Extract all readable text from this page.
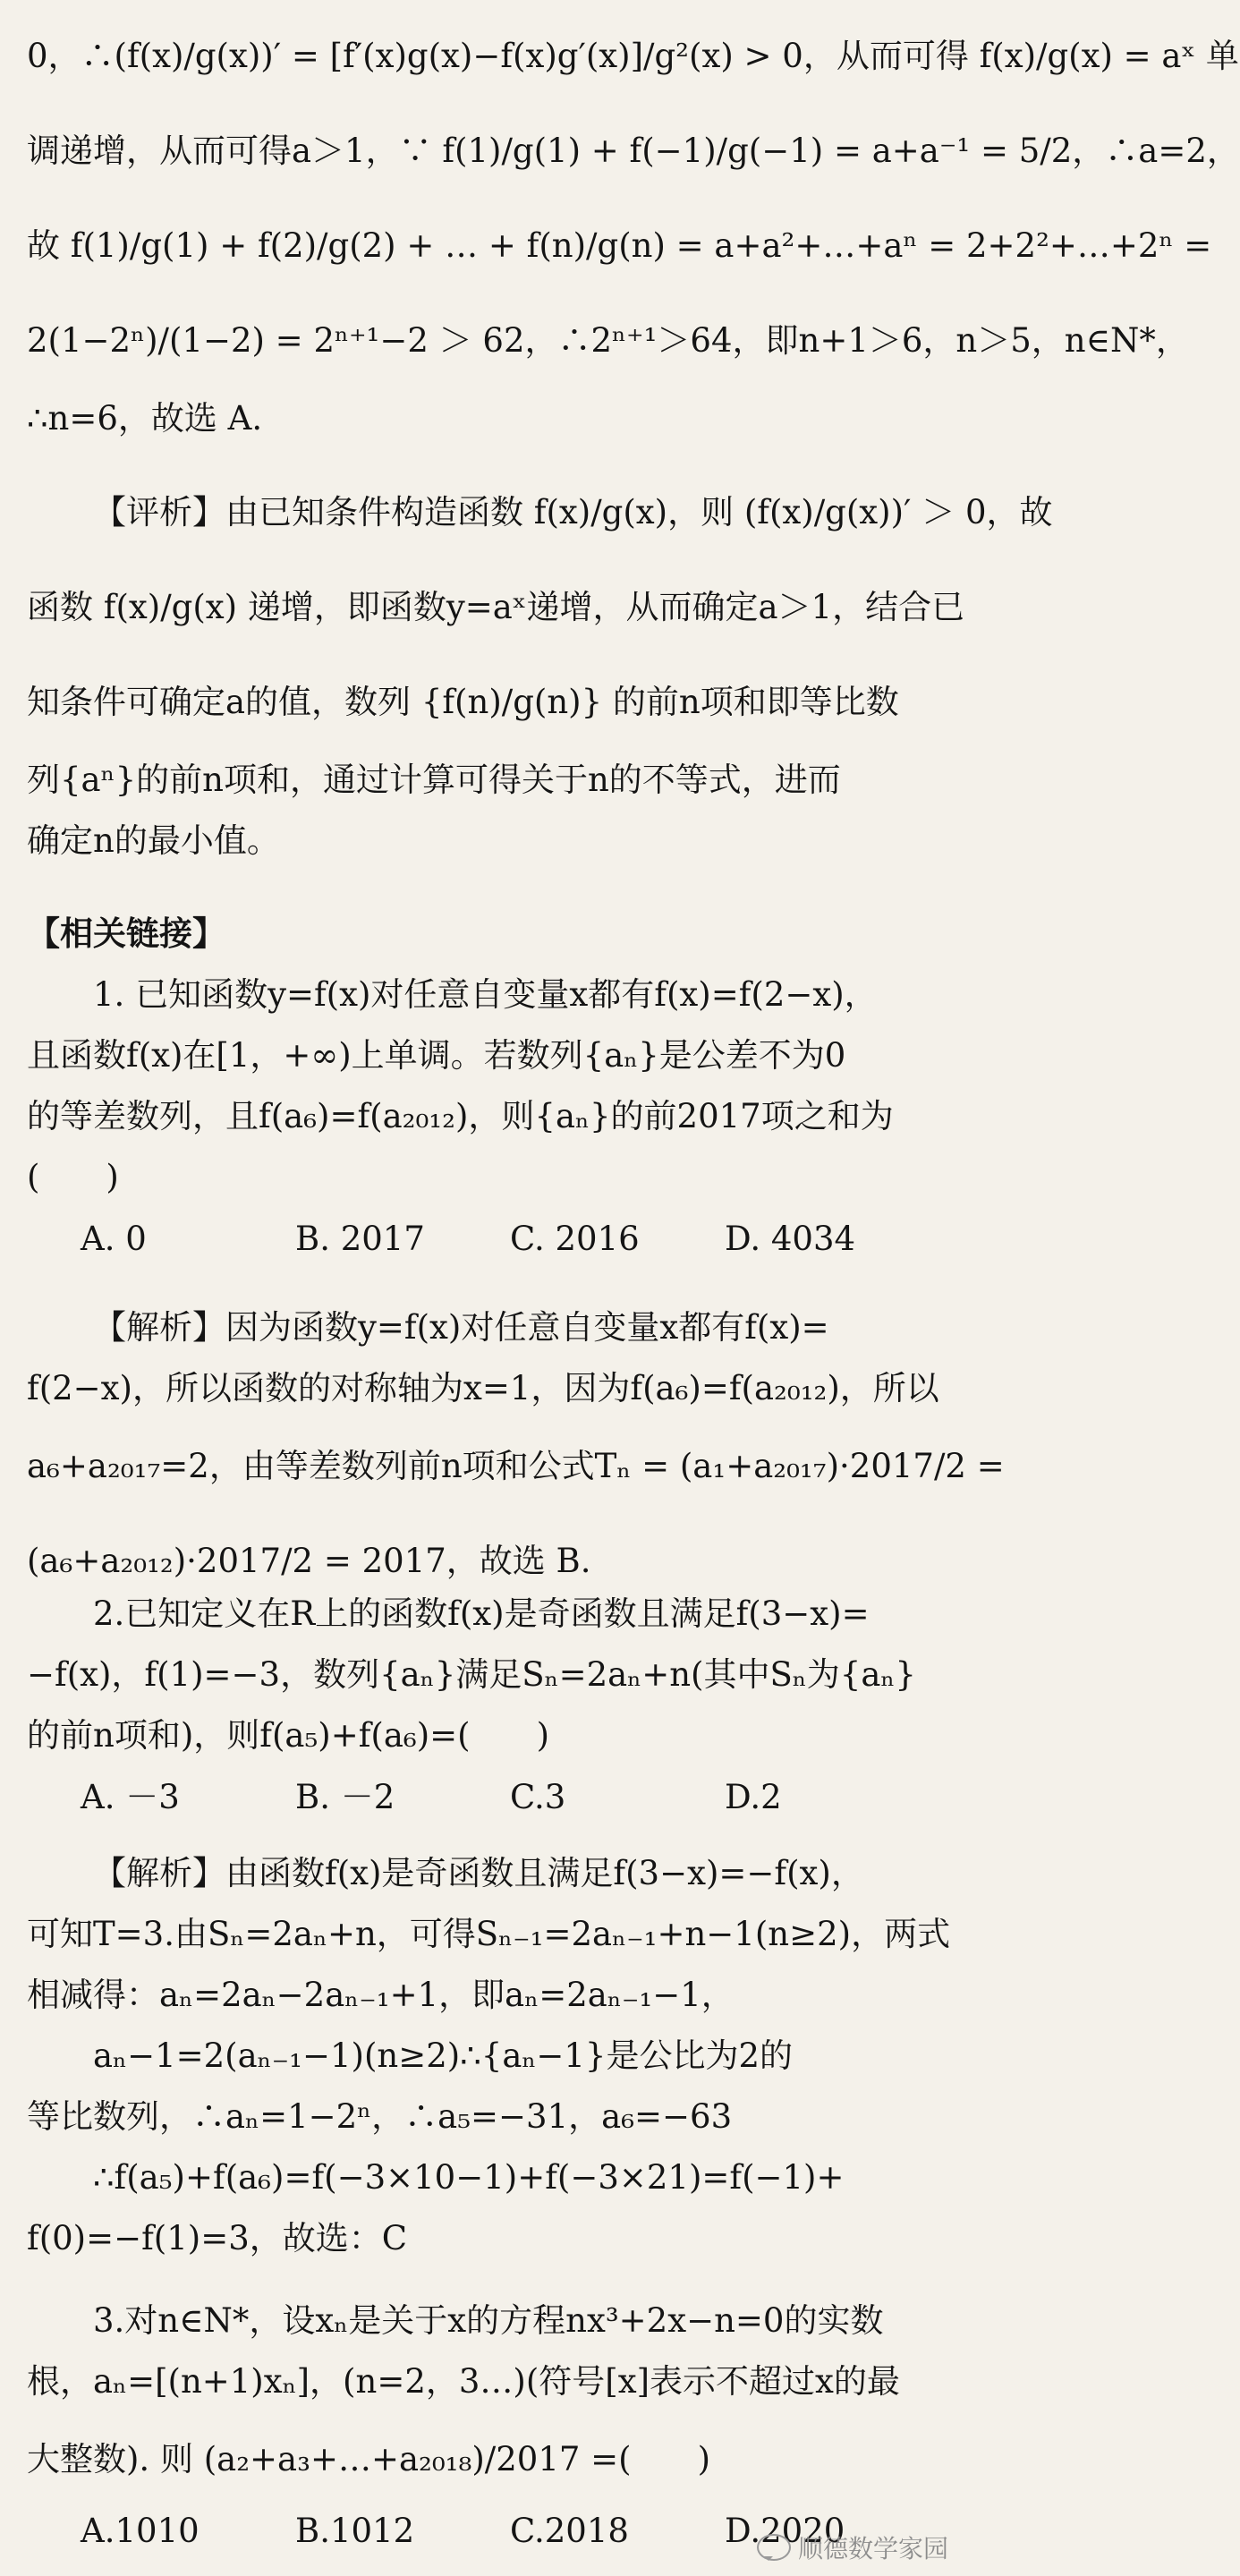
0，∴(f(x)/g(x))′ = [f′(x)g(x)−f(x)g′(x)]/g²(x) > 0，从而可得 f(x)/g(x) = aˣ 单
调递增，从而可得a＞1，∵ f(1)/g(1) + f(−1)/g(−1) = a+a⁻¹ = 5/2，∴a=2，
故 f(1)/g(1) + f(2)/g(2) + … + f(n)/g(n) = a+a²+…+aⁿ = 2+2²+…+2ⁿ =
2(1−2ⁿ)/(1−2) = 2ⁿ⁺¹−2 ＞ 62，∴2ⁿ⁺¹＞64，即n+1＞6，n＞5，n∈N*，
∴n=6，故选 A.
【评析】由已知条件构造函数 f(x)/g(x)，则 (f(x)/g(x))′ ＞ 0，故
函数 f(x)/g(x) 递增，即函数y=aˣ递增，从而确定a＞1，结合已
知条件可确定a的值，数列 {f(n)/g(n)} 的前n项和即等比数
列{aⁿ}的前n项和，通过计算可得关于n的不等式，进而
确定n的最小值。
【相关链接】
1. 已知函数y=f(x)对任意自变量x都有f(x)=f(2−x)，
且函数f(x)在[1，+∞)上单调。若数列{aₙ}是公差不为0
的等差数列，且f(a₆)=f(a₂₀₁₂)，则{aₙ}的前2017项之和为
(　　)
A. 0	B. 2017	C. 2016	D. 4034
【解析】因为函数y=f(x)对任意自变量x都有f(x)=
f(2−x)，所以函数的对称轴为x=1，因为f(a₆)=f(a₂₀₁₂)，所以
a₆+a₂₀₁₇=2，由等差数列前n项和公式Tₙ = (a₁+a₂₀₁₇)·2017/2 =
(a₆+a₂₀₁₂)·2017/2 = 2017，故选 B.
2.已知定义在R上的函数f(x)是奇函数且满足f(3−x)=
−f(x)，f(1)=−3，数列{aₙ}满足Sₙ=2aₙ+n(其中Sₙ为{aₙ}
的前n项和)，则f(a₅)+f(a₆)=(　　)
A. －3	B. －2	C.3	D.2
【解析】由函数f(x)是奇函数且满足f(3−x)=−f(x)，
可知T=3.由Sₙ=2aₙ+n，可得Sₙ₋₁=2aₙ₋₁+n−1(n≥2)，两式
相减得：aₙ=2aₙ−2aₙ₋₁+1，即aₙ=2aₙ₋₁−1，
aₙ−1=2(aₙ₋₁−1)(n≥2)∴{aₙ−1}是公比为2的
等比数列，∴aₙ=1−2ⁿ，∴a₅=−31，a₆=−63
∴f(a₅)+f(a₆)=f(−3×10−1)+f(−3×21)=f(−1)+
f(0)=−f(1)=3，故选：C
3.对n∈N*，设xₙ是关于x的方程nx³+2x−n=0的实数
根，aₙ=[(n+1)xₙ]，(n=2，3…)(符号[x]表示不超过x的最
大整数). 则 (a₂+a₃+…+a₂₀₁₈)/2017 =(　　)
A.1010	B.1012	C.2018	D.2020
顺德数学家园
